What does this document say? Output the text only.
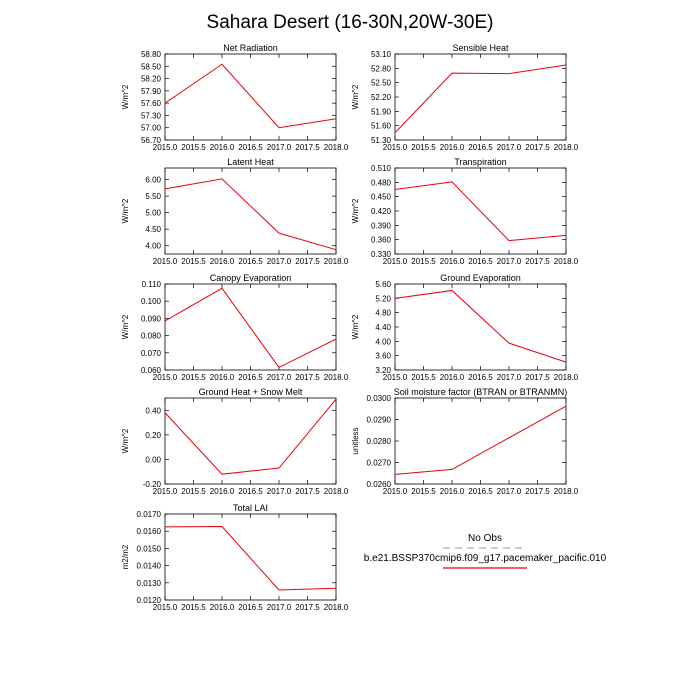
Sahara Desert (16-30N,20W-30E)
Net Radiation
2015.0 2015.5 2016.0 2016.5 2017.0 2017.5 2018.0
56.70
57.00
57.30
57.60
57.90
58.20
58.50
58.80
W/m^2
Sensible Heat
2015.0 2015.5 2016.0 2016.5 2017.0 2017.5 2018.0
51.30
51.60
51.90
52.20
52.50
52.80
53.10
W/m^2
Latent Heat
2015.0 2015.5 2016.0 2016.5 2017.0 2017.5 2018.0
4.00
4.50
5.00
5.50
6.00
W/m^2
Transpiration
2015.0 2015.5 2016.0 2016.5 2017.0 2017.5 2018.0
0.330
0.360
0.390
0.420
0.450
0.480
0.510
W/m^2
Canopy Evaporation
2015.0 2015.5 2016.0 2016.5 2017.0 2017.5 2018.0
0.060
0.070
0.080
0.090
0.100
0.110
W/m^2
Ground Evaporation
2015.0 2015.5 2016.0 2016.5 2017.0 2017.5 2018.0
3.20
3.60
4.00
4.40
4.80
5.20
5.60
W/m^2
Ground Heat + Snow Melt
2015.0 2015.5 2016.0 2016.5 2017.0 2017.5 2018.0
-0.20
0.00
0.20
0.40
W/m^2
Soil moisture factor (BTRAN or BTRANMN)
2015.0 2015.5 2016.0 2016.5 2017.0 2017.5 2018.0
0.0260
0.0270
0.0280
0.0290
0.0300
unitless
Total LAI
2015.0 2015.5 2016.0 2016.5 2017.0 2017.5 2018.0
0.0120
0.0130
0.0140
0.0150
0.0160
0.0170
m2/m2
No Obs
b.e21.BSSP370cmip6.f09_g17.pacemaker_pacific.010
